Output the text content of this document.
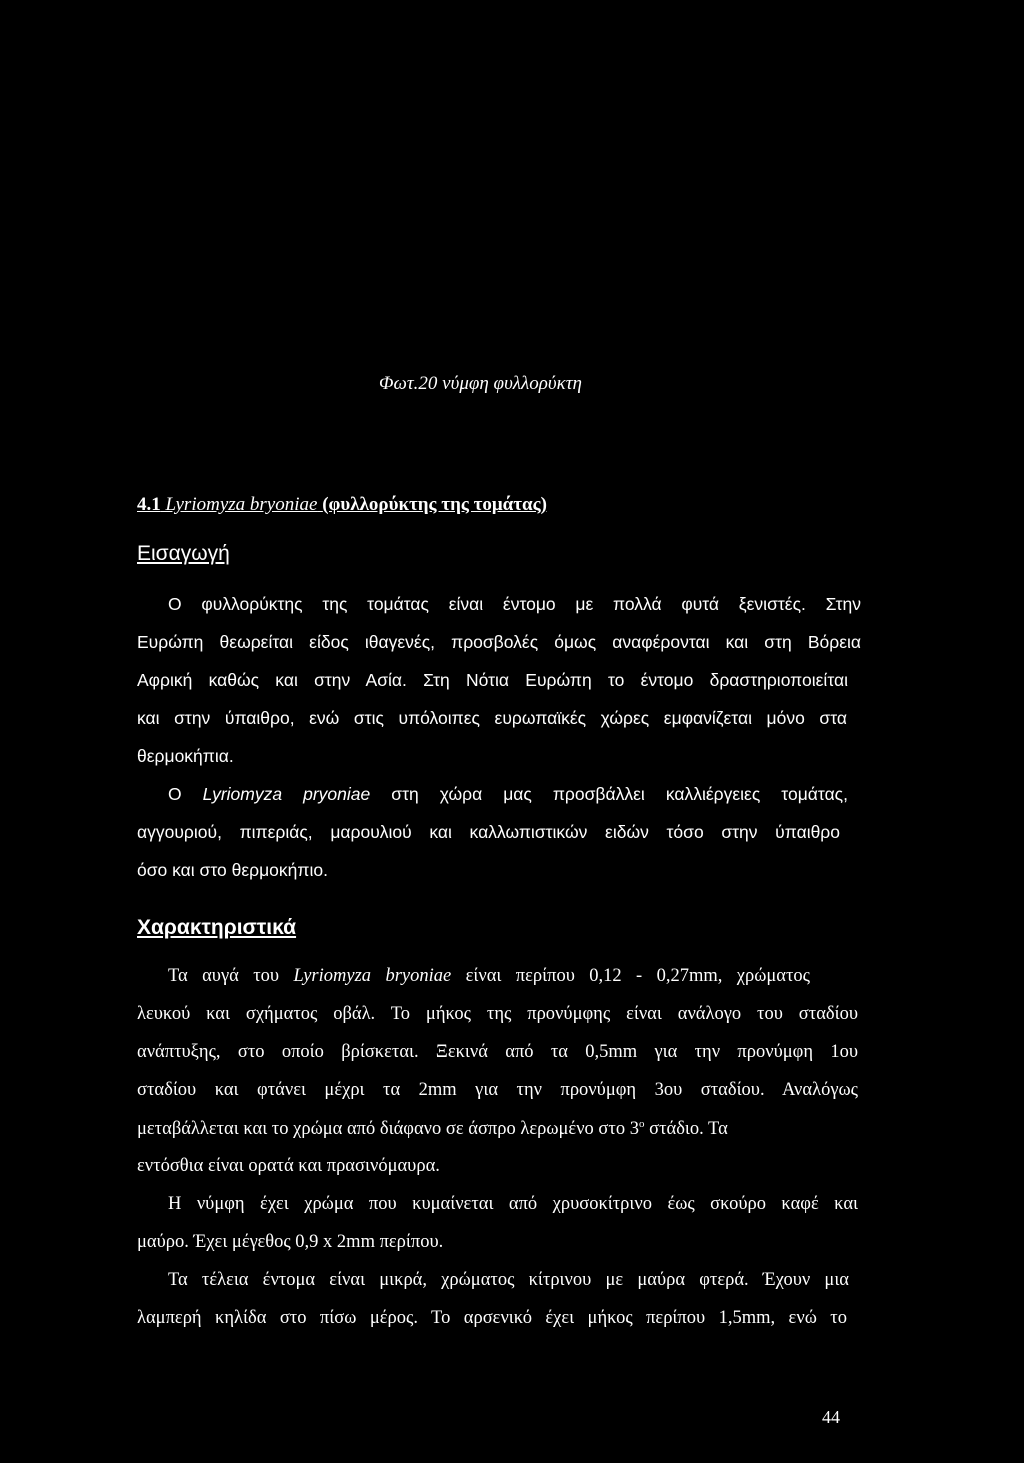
Φωτ.20 νύμφη φυλλορύκτη
4.1 Lyriomyza bryoniae (φυλλορύκτης της τομάτας)
Εισαγωγή
Ο φυλλορύκτης της τομάτας είναι έντομο με πολλά φυτά ξενιστές. Στην
Ευρώπη θεωρείται είδος ιθαγενές, προσβολές όμως αναφέρονται και στη Βόρεια
Αφρική καθώς και στην Ασία. Στη Νότια Ευρώπη το έντομο δραστηριοποιείται
και στην ύπαιθρο, ενώ στις υπόλοιπες ευρωπαϊκές χώρες εμφανίζεται μόνο στα
θερμοκήπια.
Ο Lyriomyza pryoniae στη χώρα μας προσβάλλει καλλιέργειες τομάτας,
αγγουριού, πιπεριάς, μαρουλιού και καλλωπιστικών ειδών τόσο στην ύπαιθρο
όσο και στο θερμοκήπιο.
Χαρακτηριστικά
Τα αυγά του Lyriomyza bryoniae είναι περίπου 0,12 - 0,27mm, χρώματος
λευκού και σχήματος οβάλ. Το μήκος της προνύμφης είναι ανάλογο του σταδίου
ανάπτυξης, στο οποίο βρίσκεται. Ξεκινά από τα 0,5mm για την προνύμφη 1ου
σταδίου και φτάνει μέχρι τα 2mm για την προνύμφη 3ου σταδίου. Αναλόγως
μεταβάλλεται και το χρώμα από διάφανο σε άσπρο λερωμένο στο $3^o$ στάδιο. Τα
εντόσθια είναι ορατά και πρασινόμαυρα.
Η νύμφη έχει χρώμα που κυμαίνεται από χρυσοκίτρινο έως σκούρο καφέ και
μαύρο. Έχει μέγεθος 0,9 x 2mm περίπου.
Τα τέλεια έντομα είναι μικρά, χρώματος κίτρινου με μαύρα φτερά. Έχουν μια
λαμπερή κηλίδα στο πίσω μέρος. Το αρσενικό έχει μήκος περίπου 1,5mm, ενώ το
44
